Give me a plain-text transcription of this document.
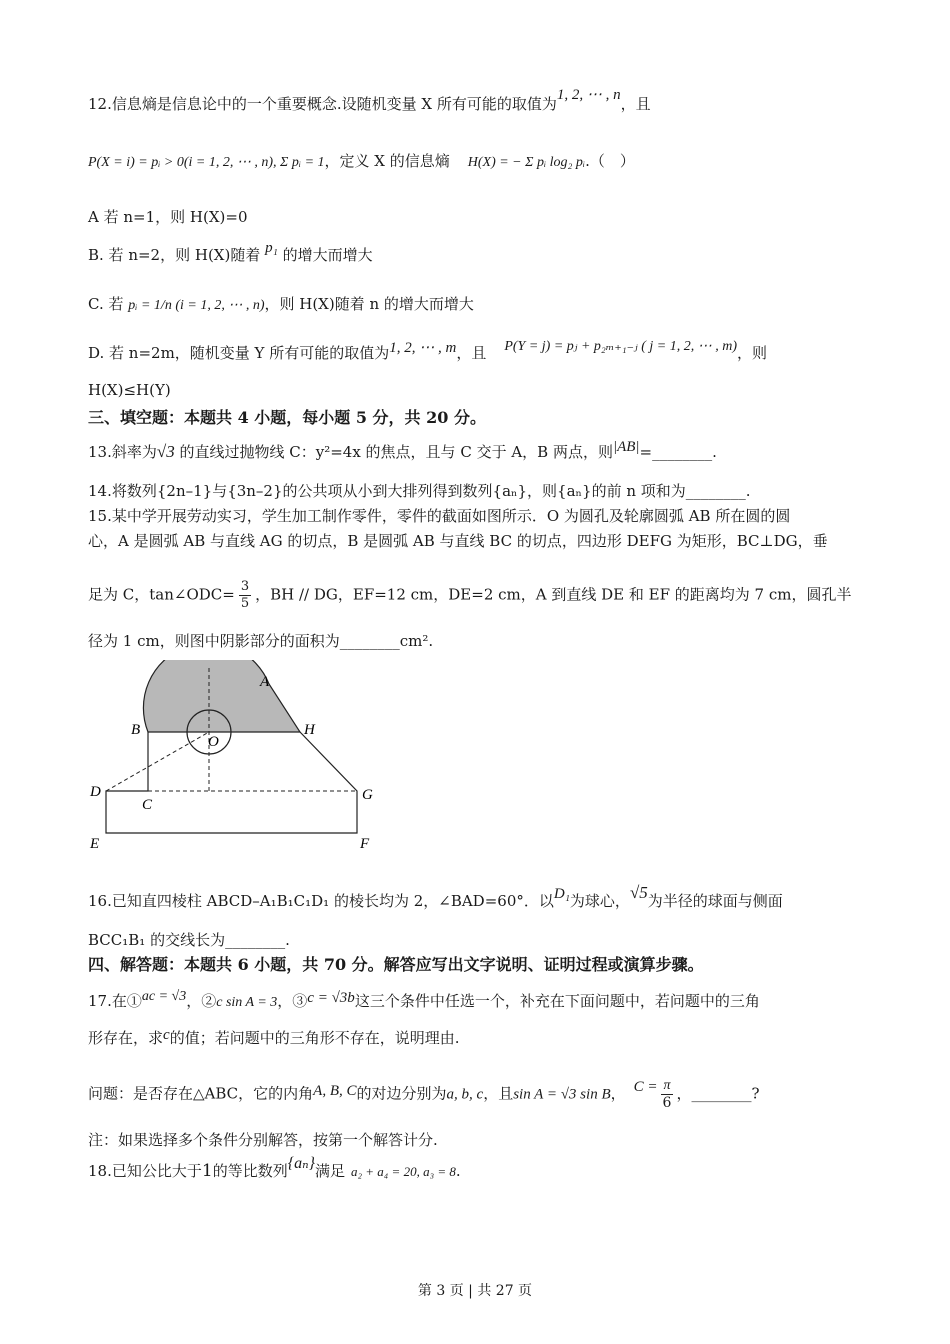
12.信息熵是信息论中的一个重要概念.设随机变量 X 所有可能的取值为1, 2, ⋯ , n，且
P(X = i) = pᵢ > 0(i = 1, 2, ⋯ , n), Σ pᵢ = 1，定义 X 的信息熵 H(X) = − Σ pᵢ log₂ pᵢ.（　）
A 若 n=1，则 H(X)=0
B. 若 n=2，则 H(X)随着 p₁ 的增大而增大
C. 若 pᵢ = 1/n (i = 1, 2, ⋯ , n)，则 H(X)随着 n 的增大而增大
D. 若 n=2m，随机变量 Y 所有可能的取值为1, 2, ⋯ , m，且 P(Y = j) = pⱼ + p₂ₘ₊₁₋ⱼ ( j = 1, 2, ⋯ , m)，则
H(X)≤H(Y)
三、填空题：本题共 4 小题，每小题 5 分，共 20 分。
13.斜率为√3 的直线过抛物线 C：y²=4x 的焦点，且与 C 交于 A，B 两点，则|AB|=________.
14.将数列{2n–1}与{3n–2}的公共项从小到大排列得到数列{aₙ}，则{aₙ}的前 n 项和为________.
15.某中学开展劳动实习，学生加工制作零件，零件的截面如图所示．O 为圆孔及轮廓圆弧 AB 所在圆的圆
心，A 是圆弧 AB 与直线 AG 的切点，B 是圆弧 AB 与直线 BC 的切点，四边形 DEFG 为矩形，BC⊥DG，垂
足为 C，tan∠ODC= $\frac{3}{5}$ ，BH // DG，EF=12 cm，DE=2 cm，A 到直线 DE 和 EF 的距离均为 7 cm，圆孔半
径为 1 cm，则图中阴影部分的面积为________cm².
A
B
O
H
D
C
G
E	F
16.已知直四棱柱 ABCD–A₁B₁C₁D₁ 的棱长均为 2，∠BAD=60°．以D₁为球心，√5为半径的球面与侧面
BCC₁B₁ 的交线长为________.
四、解答题：本题共 6 小题，共 70 分。解答应写出文字说明、证明过程或演算步骤。
17.在①ac = √3，②c sin A = 3，③c = √3b这三个条件中任选一个，补充在下面问题中，若问题中的三角
形存在，求c的值；若问题中的三角形不存在，说明理由.
问题：是否存在△ABC，它的内角A, B, C的对边分别为a, b, c，且sin A = √3 sin B， $C = \frac{\pi}{6}$ ，________?
注：如果选择多个条件分别解答，按第一个解答计分.
18.已知公比大于1的等比数列{aₙ}满足 a₂ + a₄ = 20, a₃ = 8.
第 3 页 | 共 27 页
